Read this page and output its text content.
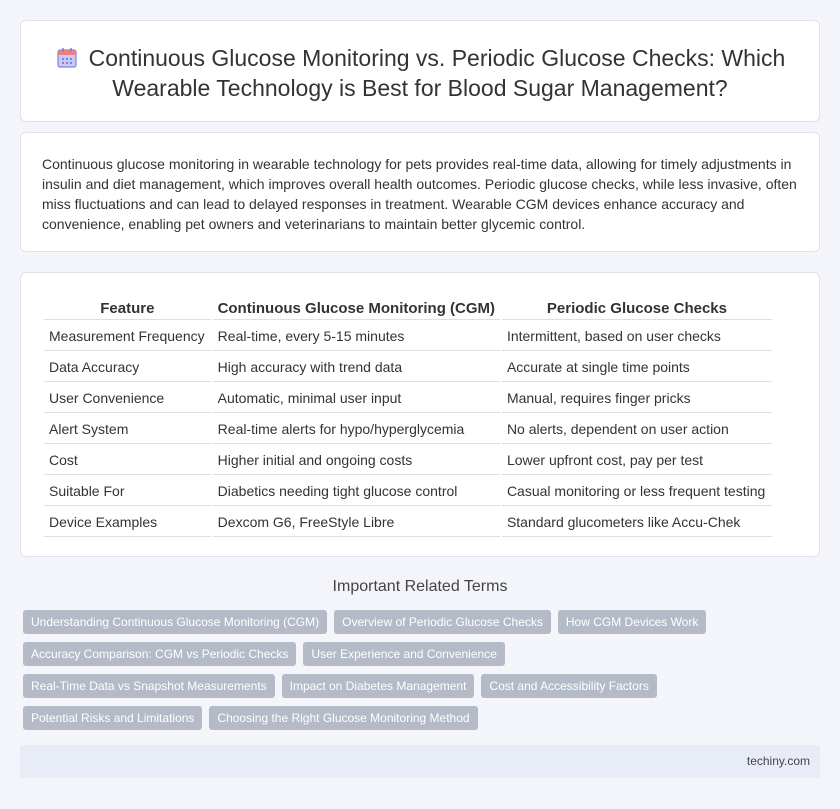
Continuous Glucose Monitoring vs. Periodic Glucose Checks: Which Wearable Technology is Best for Blood Sugar Management?

Continuous glucose monitoring in wearable technology for pets provides real-time data, allowing for timely adjustments in insulin and diet management, which improves overall health outcomes. Periodic glucose checks, while less invasive, often miss fluctuations and can lead to delayed responses in treatment. Wearable CGM devices enhance accuracy and convenience, enabling pet owners and veterinarians to maintain better glycemic control.

Feature	Continuous Glucose Monitoring (CGM)	Periodic Glucose Checks
Measurement Frequency	Real-time, every 5-15 minutes	Intermittent, based on user checks
Data Accuracy	High accuracy with trend data	Accurate at single time points
User Convenience	Automatic, minimal user input	Manual, requires finger pricks
Alert System	Real-time alerts for hypo/hyperglycemia	No alerts, dependent on user action
Cost	Higher initial and ongoing costs	Lower upfront cost, pay per test
Suitable For	Diabetics needing tight glucose control	Casual monitoring or less frequent testing
Device Examples	Dexcom G6, FreeStyle Libre	Standard glucometers like Accu-Chek
Important Related Terms
Understanding Continuous Glucose Monitoring (CGM)	Overview of Periodic Glucose Checks	How CGM Devices Work
Accuracy Comparison: CGM vs Periodic Checks	User Experience and Convenience
Real-Time Data vs Snapshot Measurements	Impact on Diabetes Management	Cost and Accessibility Factors
Potential Risks and Limitations	Choosing the Right Glucose Monitoring Method
techiny.com
